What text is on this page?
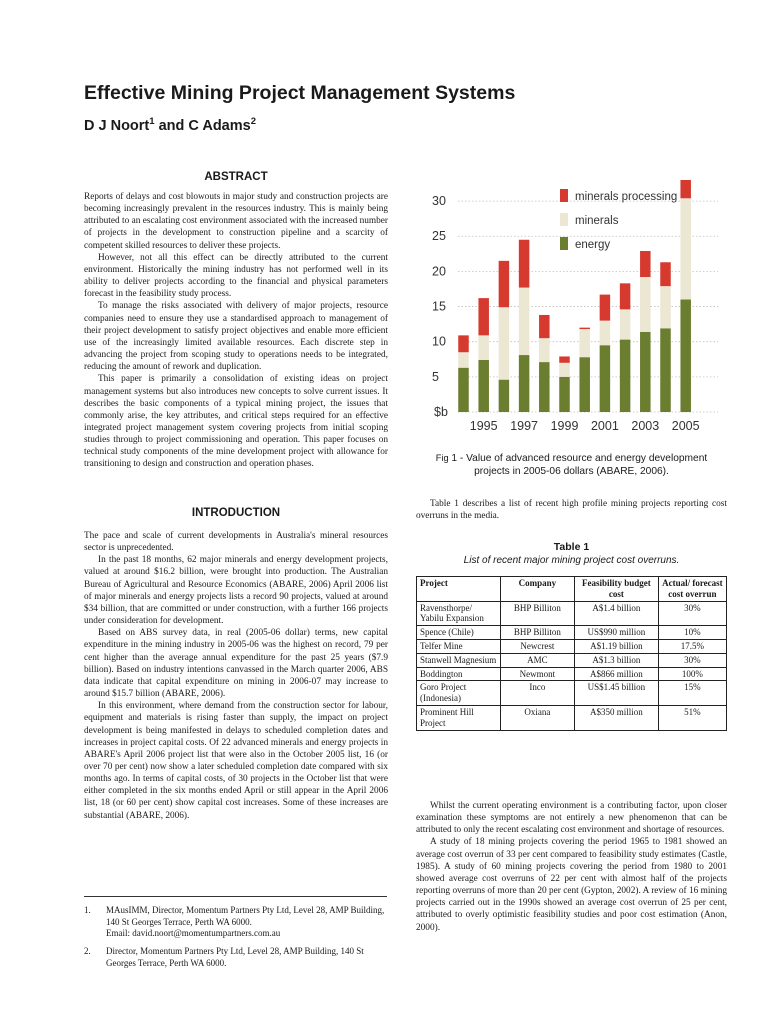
Effective Mining Project Management Systems
D J Noort$^1$ and C Adams$^2$
ABSTRACT

Reports of delays and cost blowouts in major study and construction projects are becoming increasingly prevalent in the resources industry. This is mainly being attributed to an escalating cost environment associated with the increased number of projects in the development to construction pipeline and a scarcity of competent skilled resources to deliver these projects.

However, not all this effect can be directly attributed to the current environment. Historically the mining industry has not performed well in its ability to deliver projects according to the financial and physical parameters forecast in the feasibility study process.

To manage the risks associated with delivery of major projects, resource companies need to ensure they use a standardised approach to management of their project development to satisfy project objectives and enable more efficient use of the increasingly limited available resources. Each discrete step in advancing the project from scoping study to operations needs to be integrated, reducing the amount of rework and duplication.

This paper is primarily a consolidation of existing ideas on project management systems but also introduces new concepts to solve current issues. It describes the basic components of a typical mining project, the issues that commonly arise, the key attributes, and critical steps required for an effective integrated project management system covering projects from initial scoping studies through to project commissioning and operation. This paper focuses on technical study components of the mine development project with allowance for transitioning to design and construction and operation phases.

INTRODUCTION

The pace and scale of current developments in Australia's mineral resources sector is unprecedented.

In the past 18 months, 62 major minerals and energy development projects, valued at around $16.2 billion, were brought into production. The Australian Bureau of Agricultural and Resource Economics (ABARE, 2006) April 2006 list of major minerals and energy projects lists a record 90 projects, valued at around $34 billion, that are committed or under construction, with a further 166 projects under consideration for development.

Based on ABS survey data, in real (2005-06 dollar) terms, new capital expenditure in the mining industry in 2005-06 was the highest on record, 79 per cent higher than the average annual expenditure for the past 25 years ($7.9 billion). Based on industry intentions canvassed in the March quarter 2006, ABS data indicate that capital expenditure on mining in 2006-07 may increase to around $15.7 billion (ABARE, 2006).

In this environment, where demand from the construction sector for labour, equipment and materials is rising faster than supply, the impact on project development is being manifested in delays to scheduled completion dates and increases in project capital costs. Of 22 advanced minerals and energy projects in ABARE's April 2006 project list that were also in the October 2005 list, 16 (or over 70 per cent) now show a later scheduled completion date compared with six months ago. In terms of capital costs, of 30 projects in the October list that were either completed in the six months ended April or still appear in the April 2006 list, 18 (or 60 per cent) show capital cost increases. Some of these increases are substantial (ABARE, 2006).

1. MAusIMM, Director, Momentum Partners Pty Ltd, Level 28, AMP Building, 140 St Georges Terrace, Perth WA 6000.
Email: david.noort@momentumpartners.com.au
2. Director, Momentum Partners Pty Ltd, Level 28, AMP Building, 140 St Georges Terrace, Perth WA 6000.
5
10
15
20
25
30
$b
1995 1997 1999 2001 2003 2005
minerals processing
minerals
energy
Fig 1 - Value of advanced resource and energy development projects in 2005-06 dollars (ABARE, 2006).

Table 1 describes a list of recent high profile mining projects reporting cost overruns in the media.

Table 1
List of recent major mining project cost overruns.
Project	Company	Feasibility budget cost	Actual/ forecast cost overrun
Ravensthorpe/ Yabilu Expansion	BHP Billiton	A$1.4 billion	30%
Spence (Chile)	BHP Billiton	US$990 million	10%
Telfer Mine	Newcrest	A$1.19 billion	17.5%
Stanwell Magnesium	AMC	A$1.3 billion	30%
Boddington	Newmont	A$866 million	100%
Goro Project (Indonesia)	Inco	US$1.45 billion	15%
Prominent Hill Project	Oxiana	A$350 million	51%

Whilst the current operating environment is a contributing factor, upon closer examination these symptoms are not entirely a new phenomenon that can be attributed to only the recent escalating cost environment and shortage of resources.

A study of 18 mining projects covering the period 1965 to 1981 showed an average cost overrun of 33 per cent compared to feasibility study estimates (Castle, 1985). A study of 60 mining projects covering the period from 1980 to 2001 showed average cost overruns of 22 per cent with almost half of the projects reporting overruns of more than 20 per cent (Gypton, 2002). A review of 16 mining projects carried out in the 1990s showed an average cost overrun of 25 per cent, attributed to overly optimistic feasibility studies and poor cost estimation (Anon, 2000).
